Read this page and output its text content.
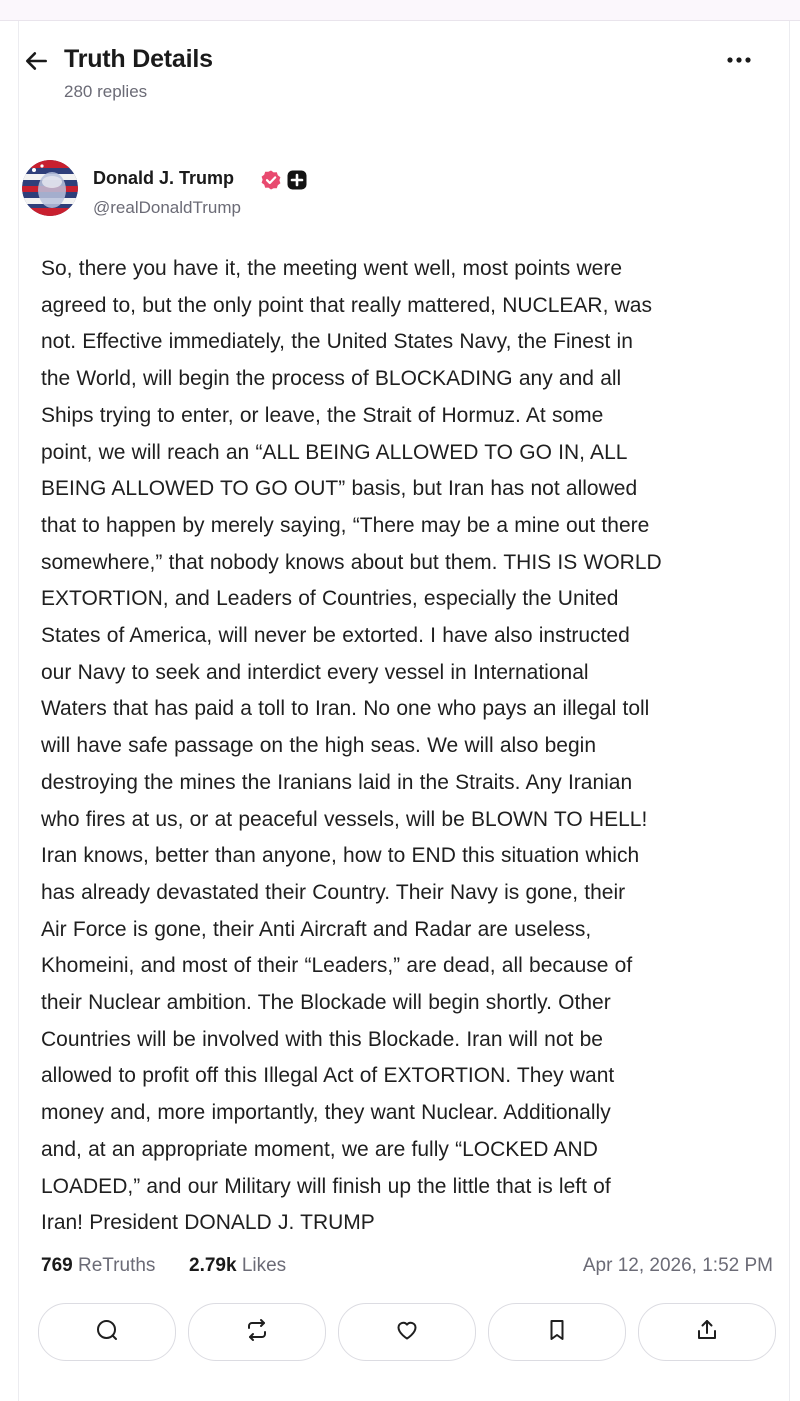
Truth Details
280 replies
Donald J. Trump
@realDonaldTrump
So, there you have it, the meeting went well, most points were
agreed to, but the only point that really mattered, NUCLEAR, was
not. Effective immediately, the United States Navy, the Finest in
the World, will begin the process of BLOCKADING any and all
Ships trying to enter, or leave, the Strait of Hormuz. At some
point, we will reach an “ALL BEING ALLOWED TO GO IN, ALL
BEING ALLOWED TO GO OUT” basis, but Iran has not allowed
that to happen by merely saying, “There may be a mine out there
somewhere,” that nobody knows about but them. THIS IS WORLD
EXTORTION, and Leaders of Countries, especially the United
States of America, will never be extorted. I have also instructed
our Navy to seek and interdict every vessel in International
Waters that has paid a toll to Iran. No one who pays an illegal toll
will have safe passage on the high seas. We will also begin
destroying the mines the Iranians laid in the Straits. Any Iranian
who fires at us, or at peaceful vessels, will be BLOWN TO HELL!
Iran knows, better than anyone, how to END this situation which
has already devastated their Country. Their Navy is gone, their
Air Force is gone, their Anti Aircraft and Radar are useless,
Khomeini, and most of their “Leaders,” are dead, all because of
their Nuclear ambition. The Blockade will begin shortly. Other
Countries will be involved with this Blockade. Iran will not be
allowed to profit off this Illegal Act of EXTORTION. They want
money and, more importantly, they want Nuclear. Additionally
and, at an appropriate moment, we are fully “LOCKED AND
LOADED,” and our Military will finish up the little that is left of
Iran! President DONALD J. TRUMP
769 ReTruths 2.79k Likes	Apr 12, 2026, 1:52 PM
